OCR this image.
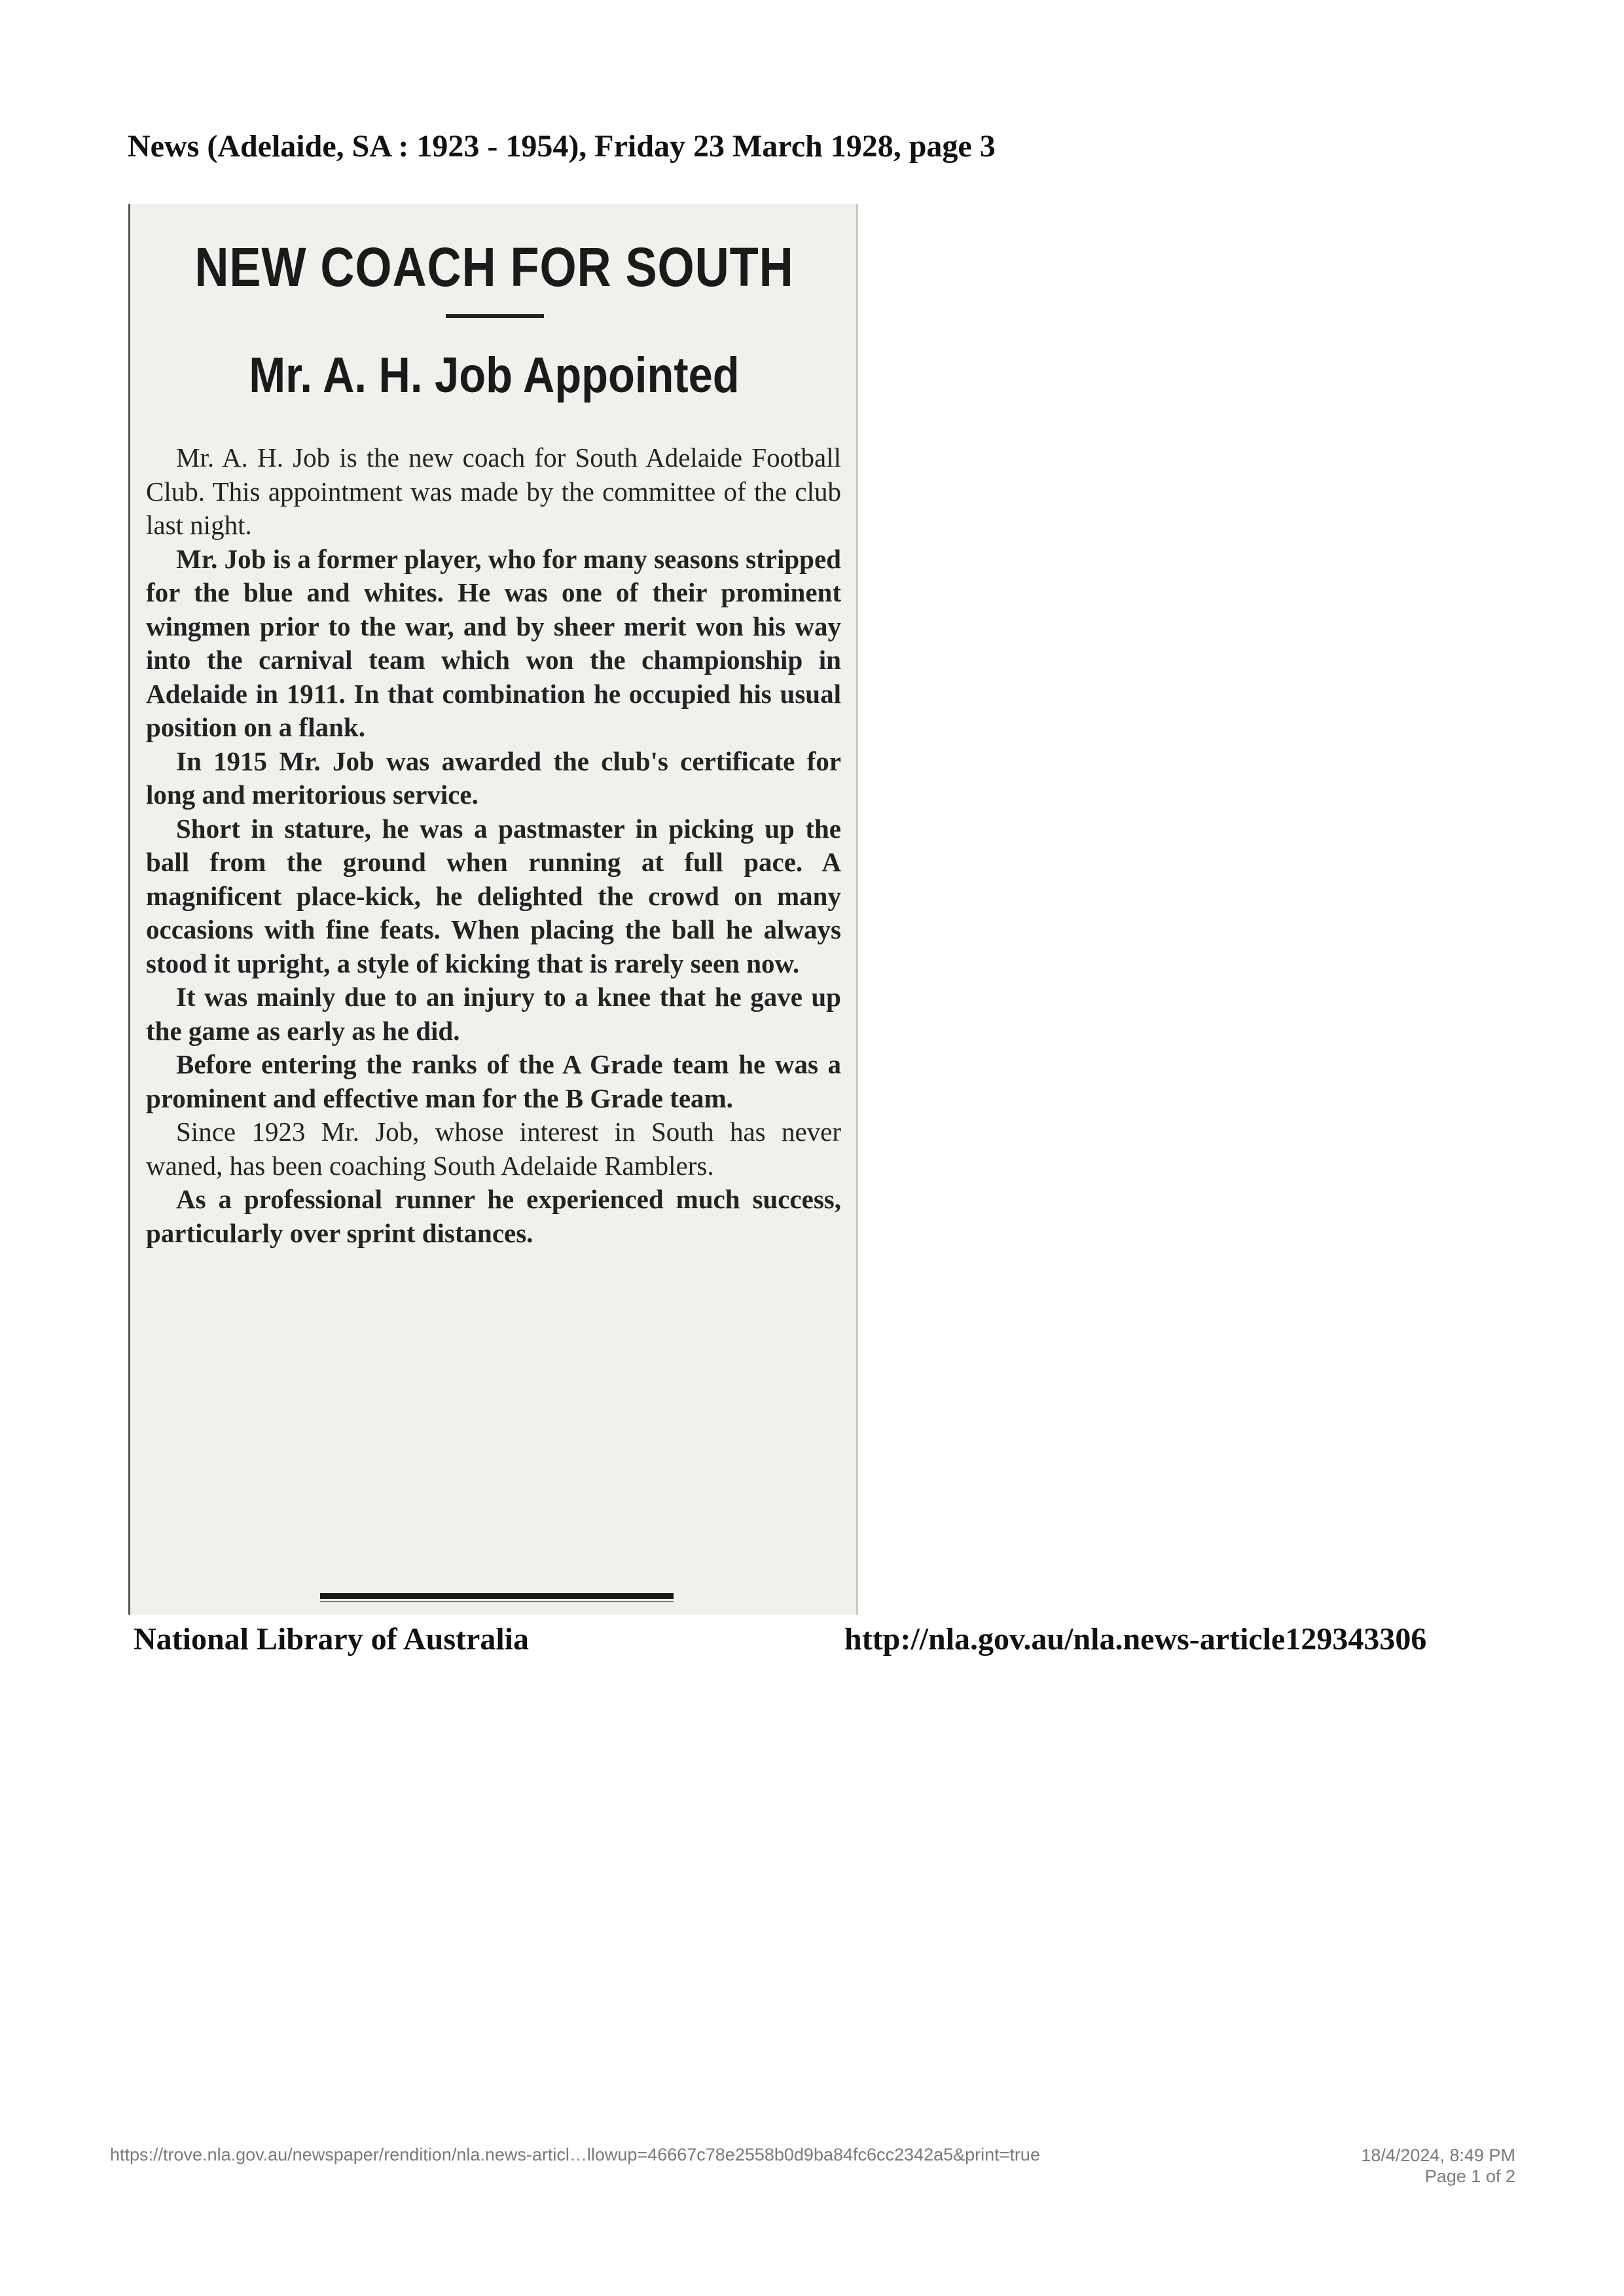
News (Adelaide, SA : 1923 - 1954), Friday 23 March 1928, page 3
NEW COACH FOR SOUTH
Mr. A. H. Job Appointed

Mr. A. H. Job is the new coach for South Adelaide Football Club. This appointment was made by the committee of the club last night.

Mr. Job is a former player, who for many seasons stripped for the blue and whites. He was one of their prominent wingmen prior to the war, and by sheer merit won his way into the carnival team which won the championship in Adelaide in 1911. In that combination he occupied his usual position on a flank.

In 1915 Mr. Job was awarded the club's certificate for long and meritorious service.

Short in stature, he was a pastmaster in picking up the ball from the ground when running at full pace. A magnificent place-kick, he delighted the crowd on many occasions with fine feats. When placing the ball he always stood it upright, a style of kicking that is rarely seen now.

It was mainly due to an injury to a knee that he gave up the game as early as he did.

Before entering the ranks of the A Grade team he was a prominent and effective man for the B Grade team.

Since 1923 Mr. Job, whose interest in South has never waned, has been coaching South Adelaide Ramblers.

As a professional runner he experienced much success, particularly over sprint distances.

National Library of Australia	http://nla.gov.au/nla.news-article129343306
https://trove.nla.gov.au/newspaper/rendition/nla.news-articl…llowup=46667c78e2558b0d9ba84fc6cc2342a5&print=true	18/4/2024, 8:49 PM
Page 1 of 2
